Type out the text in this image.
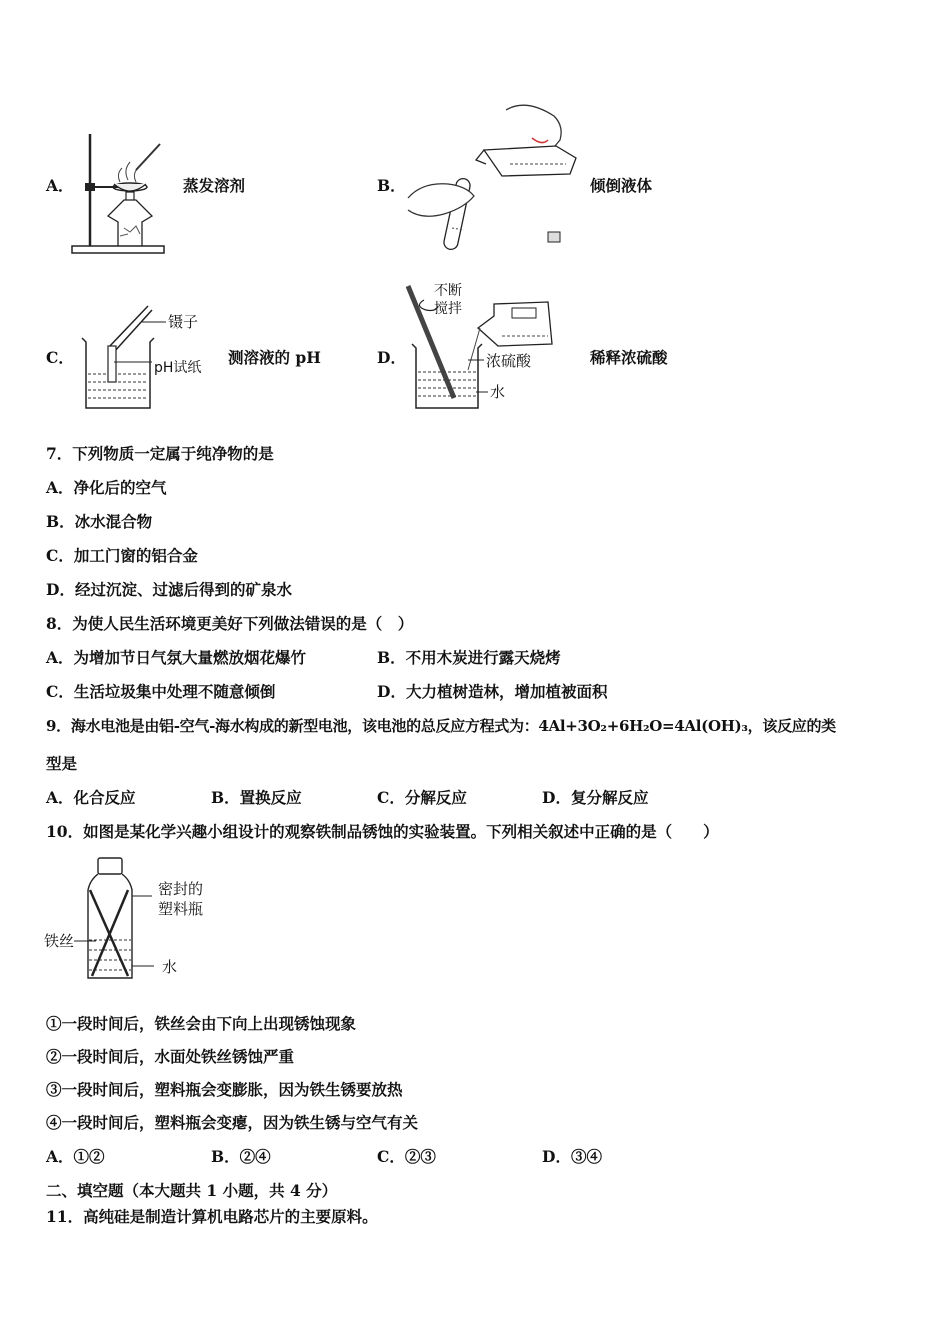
A．	蒸发溶剂	B．	倾倒液体
C．
镊子
pH试纸
测溶液的 pH	D．
不断
搅拌
浓硫酸
水
稀释浓硫酸
7．下列物质一定属于纯净物的是
A．净化后的空气
B．冰水混合物
C．加工门窗的铝合金
D．经过沉淀、过滤后得到的矿泉水
8．为使人民生活环境更美好下列做法错误的是（　）
A．为增加节日气氛大量燃放烟花爆竹	B．不用木炭进行露天烧烤
C．生活垃圾集中处理不随意倾倒	D．大力植树造林，增加植被面积
9．海水电池是由铝-空气-海水构成的新型电池，该电池的总反应方程式为：4Al+3O₂+6H₂O=4Al(OH)₃，该反应的类
型是
A．化合反应	B．置换反应	C．分解反应	D．复分解反应
10．如图是某化学兴趣小组设计的观察铁制品锈蚀的实验装置。下列相关叙述中正确的是（　　）
密封的
塑料瓶
铁丝
水
①一段时间后，铁丝会由下向上出现锈蚀现象
②一段时间后，水面处铁丝锈蚀严重
③一段时间后，塑料瓶会变膨胀，因为铁生锈要放热
④一段时间后，塑料瓶会变瘪，因为铁生锈与空气有关
A．①②	B．②④	C．②③	D．③④
二、填空题（本大题共 1 小题，共 4 分）
11．高纯硅是制造计算机电路芯片的主要原料。
